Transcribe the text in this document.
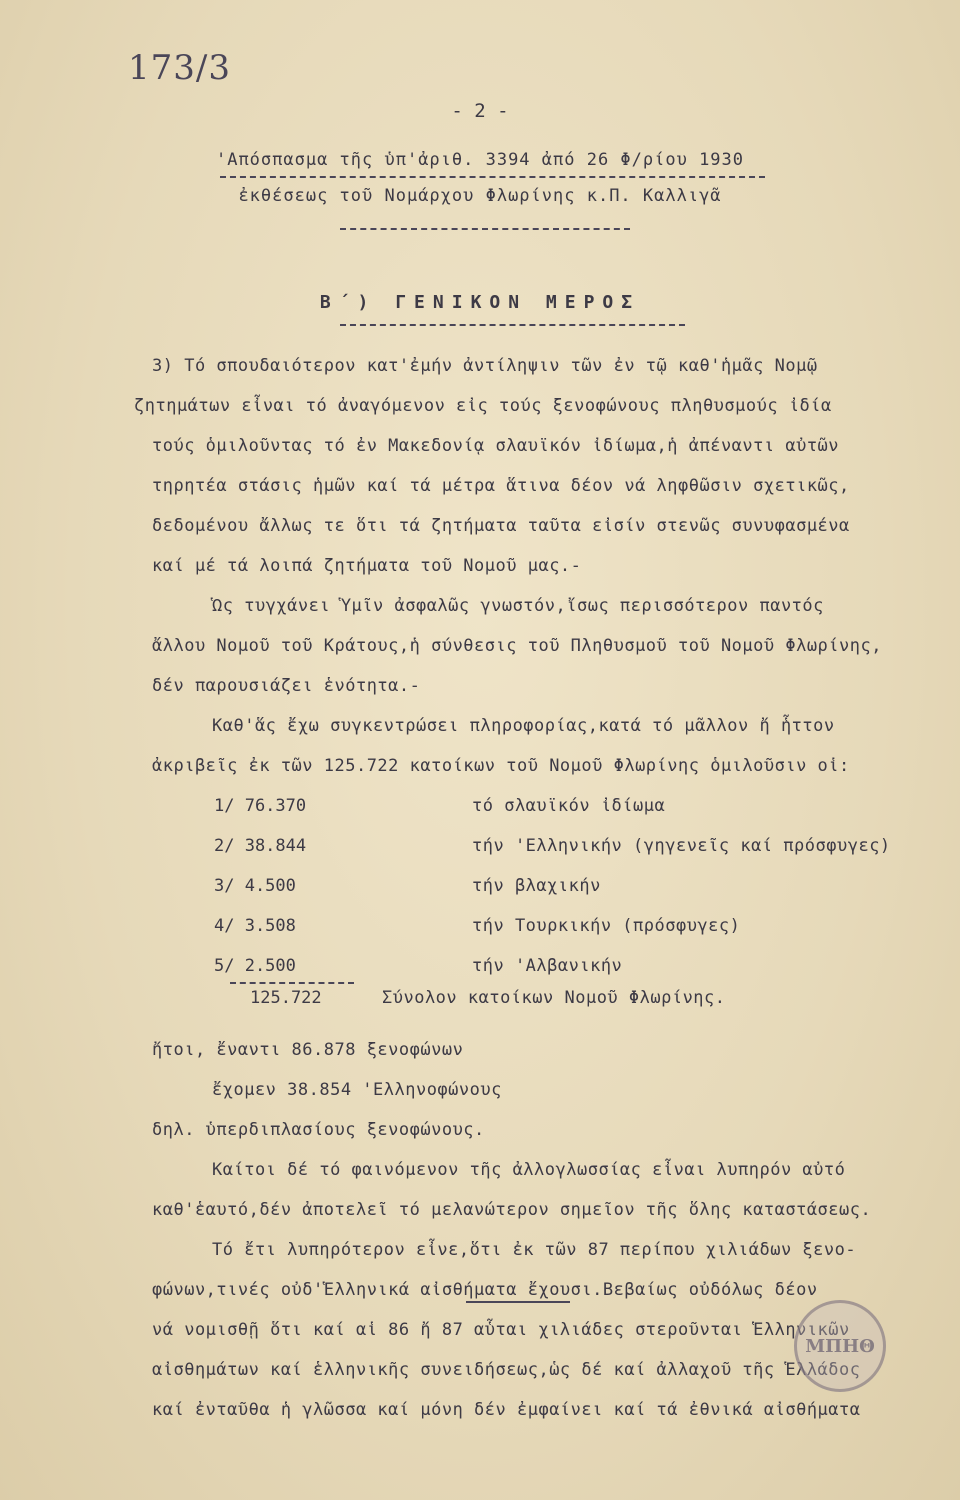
173/3
- 2 -
'Απόσπασμα τῆς ὑπ'ἀριθ. 3394 ἀπό 26 Φ/ρίου 1930
ἐκθέσεως τοῦ Νομάρχου Φλωρίνης κ.Π. Καλλιγᾶ
Β΄) ΓΕΝΙΚΟΝ ΜΕΡΟΣ
3) Τό σπουδαιότερον κατ'ἐμήν ἀντίληψιν τῶν ἐν τῷ καθ'ἡμᾶς Νομῷ
ζητημάτων εἶναι τό ἀναγόμενον εἰς τούς ξενοφώνους πληθυσμούς ἰδία
τούς ὁμιλοῦντας τό ἐν Μακεδονίᾳ σλαυϊκόν ἰδίωμα,ἡ ἀπέναντι αὐτῶν
τηρητέα στάσις ἡμῶν καί τά μέτρα ἅτινα δέον νά ληφθῶσιν σχετικῶς,
δεδομένου ἄλλως τε ὅτι τά ζητήματα ταῦτα εἰσίν στενῶς συνυφασμένα
καί μέ τά λοιπά ζητήματα τοῦ Νομοῦ μας.-
Ὡς τυγχάνει Ὑμῖν ἀσφαλῶς γνωστόν,ἴσως περισσότερον παντός
ἄλλου Νομοῦ τοῦ Κράτους,ἡ σύνθεσις τοῦ Πληθυσμοῦ τοῦ Νομοῦ Φλωρίνης,
δέν παρουσιάζει ἑνότητα.-
Καθ'ἅς ἔχω συγκεντρώσει πληροφορίας,κατά τό μᾶλλον ἤ ἧττον
ἀκριβεῖς ἐκ τῶν 125.722 κατοίκων τοῦ Νομοῦ Φλωρίνης ὁμιλοῦσιν οἱ:
1/ 76.370	τό σλαυϊκόν ἰδίωμα
2/ 38.844	τήν 'Ελληνικήν (γηγενεῖς καί πρόσφυγες)
3/ 4.500	τήν βλαχικήν
4/ 3.508	τήν Τουρκικήν (πρόσφυγες)
5/ 2.500	τήν 'Αλβανικήν
125.722	Σύνολον κατοίκων Νομοῦ Φλωρίνης.
ἤτοι, ἔναντι 86.878 ξενοφώνων
ἔχομεν 38.854 'Ελληνοφώνους
δηλ. ὑπερδιπλασίους ξενοφώνους.
Καίτοι δέ τό φαινόμενον τῆς ἀλλογλωσσίας εἶναι λυπηρόν αὐτό
καθ'ἑαυτό,δέν ἀποτελεῖ τό μελανώτερον σημεῖον τῆς ὅλης καταστάσεως.
Τό ἔτι λυπηρότερον εἶνε,ὅτι ἐκ τῶν 87 περίπου χιλιάδων ξενο-
φώνων,τινές οὐδ'Ἑλληνικά αἰσθήματα ἔχουσι.Βεβαίως οὐδόλως δέον
νά νομισθῇ ὅτι καί αἱ 86 ἤ 87 αὗται χιλιάδες στεροῦνται Ἑλληνικῶν
αἰσθημάτων καί ἑλληνικῆς συνειδήσεως,ὡς δέ καί ἀλλαχοῦ τῆς Ἑλλάδος
καί ἐνταῦθα ἡ γλῶσσα καί μόνη δέν ἐμφαίνει καί τά ἐθνικά αἰσθήματα
ΜΠΗΘ
